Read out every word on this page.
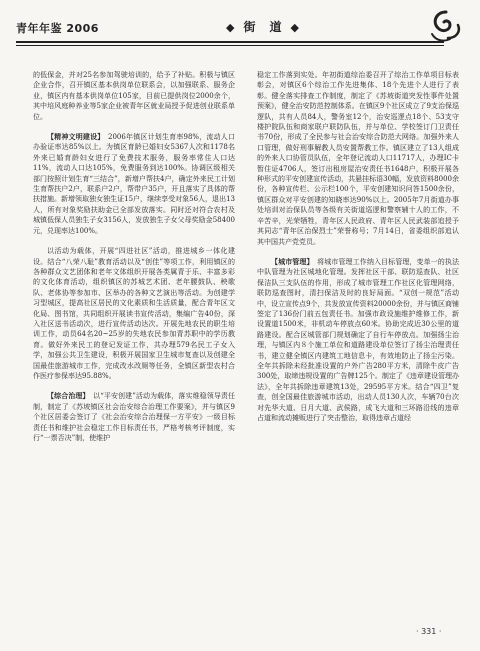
青年年鉴 2006	◆ 街　 道 ◆

的低保金，并对25名参加驾驶培训的，给予了补贴。积极与镇区企业合作，召开镇区基本供岗单位联系会，以加强联系、服务企业，镇区内有基本供岗单位105家，目前已提供岗位2000余个，其中培风庭种养业等5家企业被青年区就业局授予促进创业联系单位。

【精神文明建设】  2006年镇区计划生育率98%，流动人口办验证率达85%以上。为镇区育龄已婚妇女5367人次和1178名外来已婚育龄妇女进行了免费技术服务，服务率常住人口达11%，流动人口达105%，免费服务到达100%。协调区级相关部门按照计划生育“三结合”，新增户帮扶4户，确定外来民工计划生育帮扶户2户，联系户2户，帮带户35户，开且落实了具体的帮扶措施。新增领取独女独生证15户，继续享受对象56人，退出13人，所有对象奖励扶助金已全部发放落实。同时还对符合农村及城镇低保人员独生子女3156人，发放独生子女父母奖励金58400元，兑现率达100%。

以活动为载体，开展“四进社区”活动，推进城乡一体化建设。结合“八荣八耻”教育活动以及“创佳”等项工作，利用镇区的各种群众文艺团体和老年文体组织开展各类属青于乐、丰富多彩的文化体育活动，组织镇区的苏城艺术团、老年腰鼓队、秧歌队、老体协等参加市、区举办的各种文艺演出等活动。为创建学习型城区，提高社区居民的文化素质和生活质量，配合青年区文化局、图书馆，共同组织开展读书宣传活动，集编广告40份，深入社区送书活动次，进行宣传活动达次。开展先地农民的职生培训工作，动员64名20~25岁的失地农民参加青苏职中的学历教育。做好外来民工的登记发证工作，共办理579名民工子女入学，加强公共卫生建设，积极开展国家卫生城市复查以及创建全国最佳旅游城市工作，完成改水改厕等任务，全镇区新型农村合作医疗参保率达95.88%。

【综合治理】  以“平安创建”活动为载体，落实维稳领导责任制，制定了《苏坡镇区社会治安综合治理工作要案》，并与镇区9个社区居委会签订了《社会治安综合治理保一方平安》一级目标责任书和维护社会稳定工作目标责任书，严格考核考评制度，实行“一票否决”制，使维护

稳定工作落到实处。年初街道综治委召开了综治工作单项目标表彰会，对镇区6个综治工作先进集体、18个先进个人进行了表彰。健全落实排查工作制度，制定了《苏坡街道突发性事件处置预案》，健全治安防范控制体系。在镇区9个社区成立了9支治保巡逻队，共有人员84人，警务室12个，治安巡逻点18个、53支守楼护院队伍和商家联户联防队伍，并与单位、学校签订门卫责任书70份，形成了全民参与社会治安综合防范大网络。加强外来人口管理，做好刑事解教人员安置帮教工作。镇区建立了13人组成的外来人口协管员队伍，全年登记流动人口11717人，办理IC卡暂住证4706人，签订出租房屋治安责任书1648户，积极开展各种形式的平安创建宣传活动，共悬挂标语30幅，发放资料8000余份，各种宣传栏、公示栏100个，平安创建知识问答1500余份，镇区群众对平安创建的知晓率达90%以上。2005年7月街道办事处培训对治保队员等各级有关街道巡逻和警察辅十人的工作，不辛苦辛，光荣牺牲，青年区人民政府、青年区人民武装部追授予其同志“青年区治保烈士”荣誉称号；7月14日，省委组织部追认其中国共产党党员。

【城市管理】  将城市管理工作纳入目标管理，变单一的执法中队管理为社区城地化管理。发挥社区干部、联防巡查队、社区保洁队三支队伍的作用，形成了城市管理工作社区化管理网络，联防巡查图时，清扫保洁及时的良好局面。“双创一规范”活动中，设立宣传点9个，共发放宣传资料20000余份，并与镇区商铺签定了136份门前五包责任书。加强市政设施维护维修工作，新设置道1500米，非机动车停放点60米。协助完成近30公里的道路建设。配合区城管部门规划确定了自行车停放点。加强扬尘治理，与镇区内８个施工单位和道路建设单位签订了扬尘治理责任书，建立健全镇区内建筑工地信息卡，有效地防止了扬尘污染。全年共拆除未经批准设置的户外广告280平方米，清除牛皮广告300处，取缔违规设置的广告牌125个。制定了《违章建设管理办法》，全年共拆除违章建筑13处，29595平方米。结合“四卫”复查，创全国最佳旅游城市活动，出动人员130人次，车辆70台次对先华大道、日月大道、武侯路，成飞大道和三环路沿线的违章占道和流动摊贩进行了突击整治，取得违章占道经

· 331 ·
